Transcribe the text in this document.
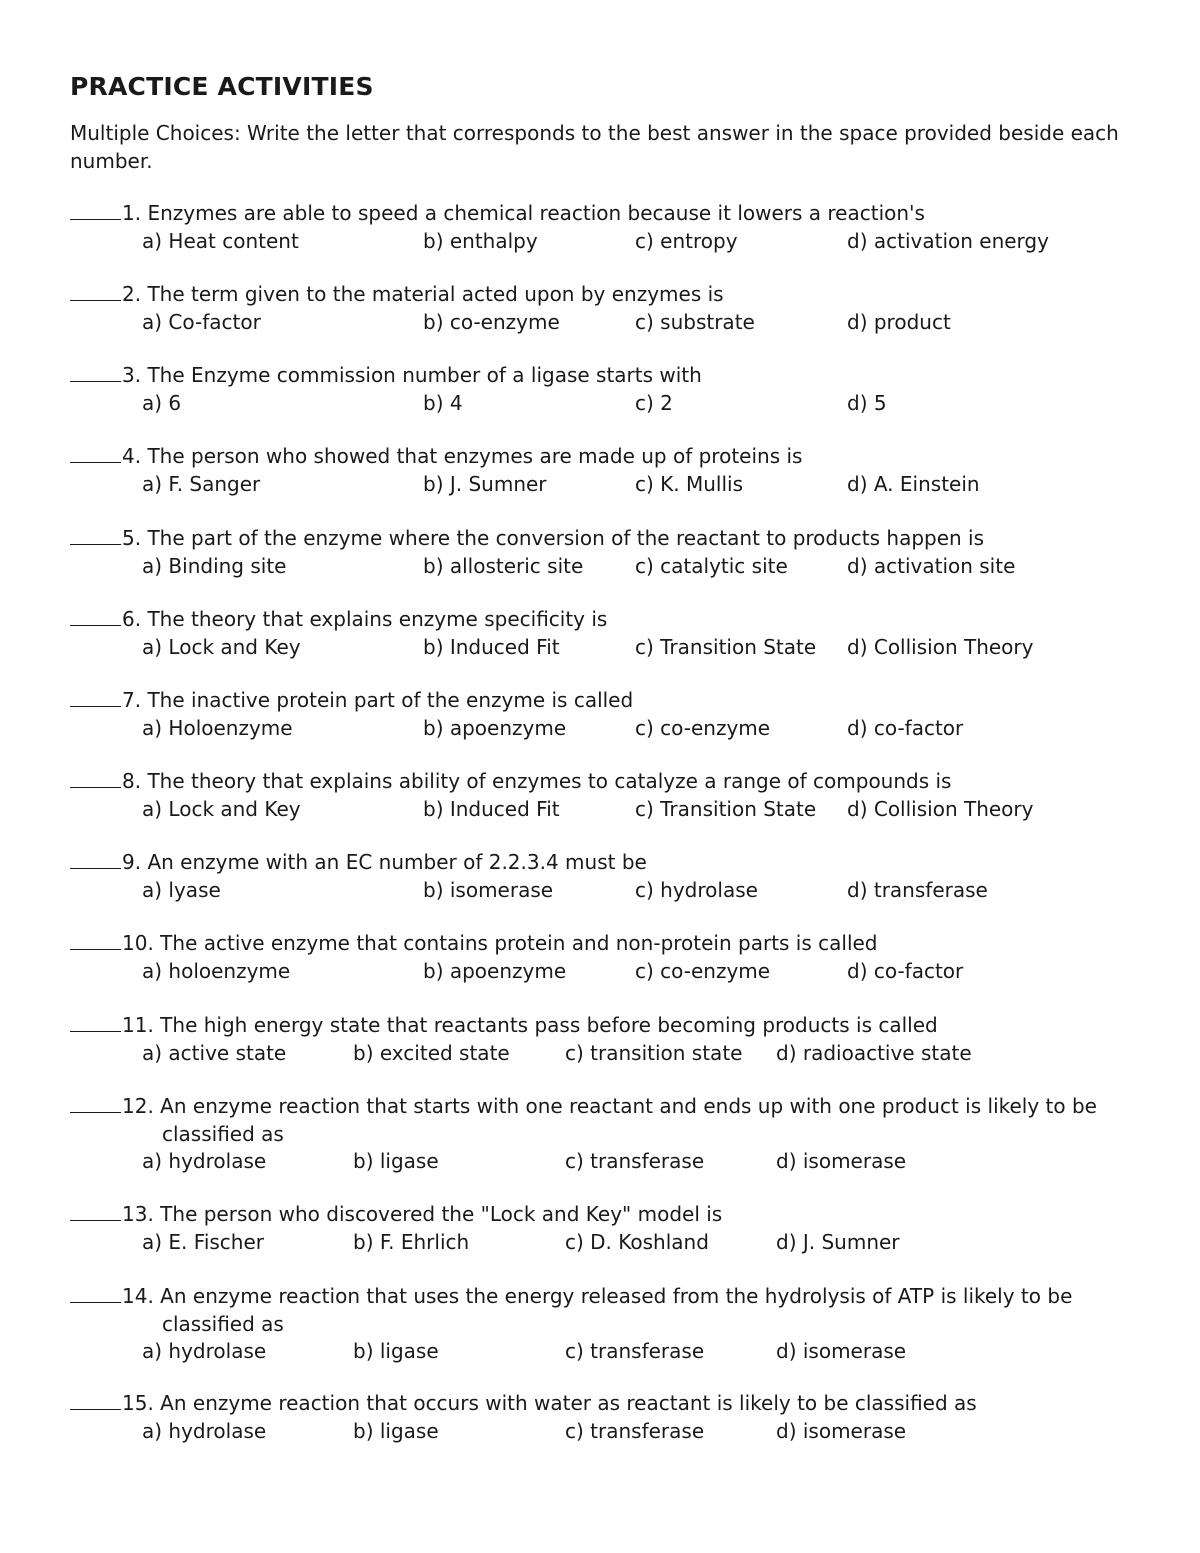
PRACTICE ACTIVITIES

Multiple Choices: Write the letter that corresponds to the best answer in the space provided beside each number.

1. Enzymes are able to speed a chemical reaction because it lowers a reaction's
a) Heat content	b) enthalpy	c) entropy	d) activation energy
2. The term given to the material acted upon by enzymes is
a) Co-factor	b) co-enzyme	c) substrate	d) product
3. The Enzyme commission number of a ligase starts with
a) 6	b) 4	c) 2	d) 5
4. The person who showed that enzymes are made up of proteins is
a) F. Sanger	b) J. Sumner	c) K. Mullis	d) A. Einstein
5. The part of the enzyme where the conversion of the reactant to products happen is
a) Binding site	b) allosteric site	c) catalytic site	d) activation site
6. The theory that explains enzyme specificity is
a) Lock and Key	b) Induced Fit	c) Transition State d) Collision Theory
7. The inactive protein part of the enzyme is called
a) Holoenzyme	b) apoenzyme	c) co-enzyme	d) co-factor
8. The theory that explains ability of enzymes to catalyze a range of compounds is
a) Lock and Key	b) Induced Fit	c) Transition State d) Collision Theory
9. An enzyme with an EC number of 2.2.3.4 must be
a) lyase	b) isomerase	c) hydrolase	d) transferase
10. The active enzyme that contains protein and non-protein parts is called
a) holoenzyme	b) apoenzyme	c) co-enzyme	d) co-factor
11. The high energy state that reactants pass before becoming products is called
a) active state	b) excited state	c) transition state d) radioactive state
12. An enzyme reaction that starts with one reactant and ends up with one product is likely to be classified as
a) hydrolase	b) ligase	c) transferase	d) isomerase
13. The person who discovered the "Lock and Key" model is
a) E. Fischer	b) F. Ehrlich	c) D. Koshland	d) J. Sumner
14. An enzyme reaction that uses the energy released from the hydrolysis of ATP is likely to be classified as
a) hydrolase	b) ligase	c) transferase	d) isomerase
15. An enzyme reaction that occurs with water as reactant is likely to be classified as
a) hydrolase	b) ligase	c) transferase	d) isomerase
